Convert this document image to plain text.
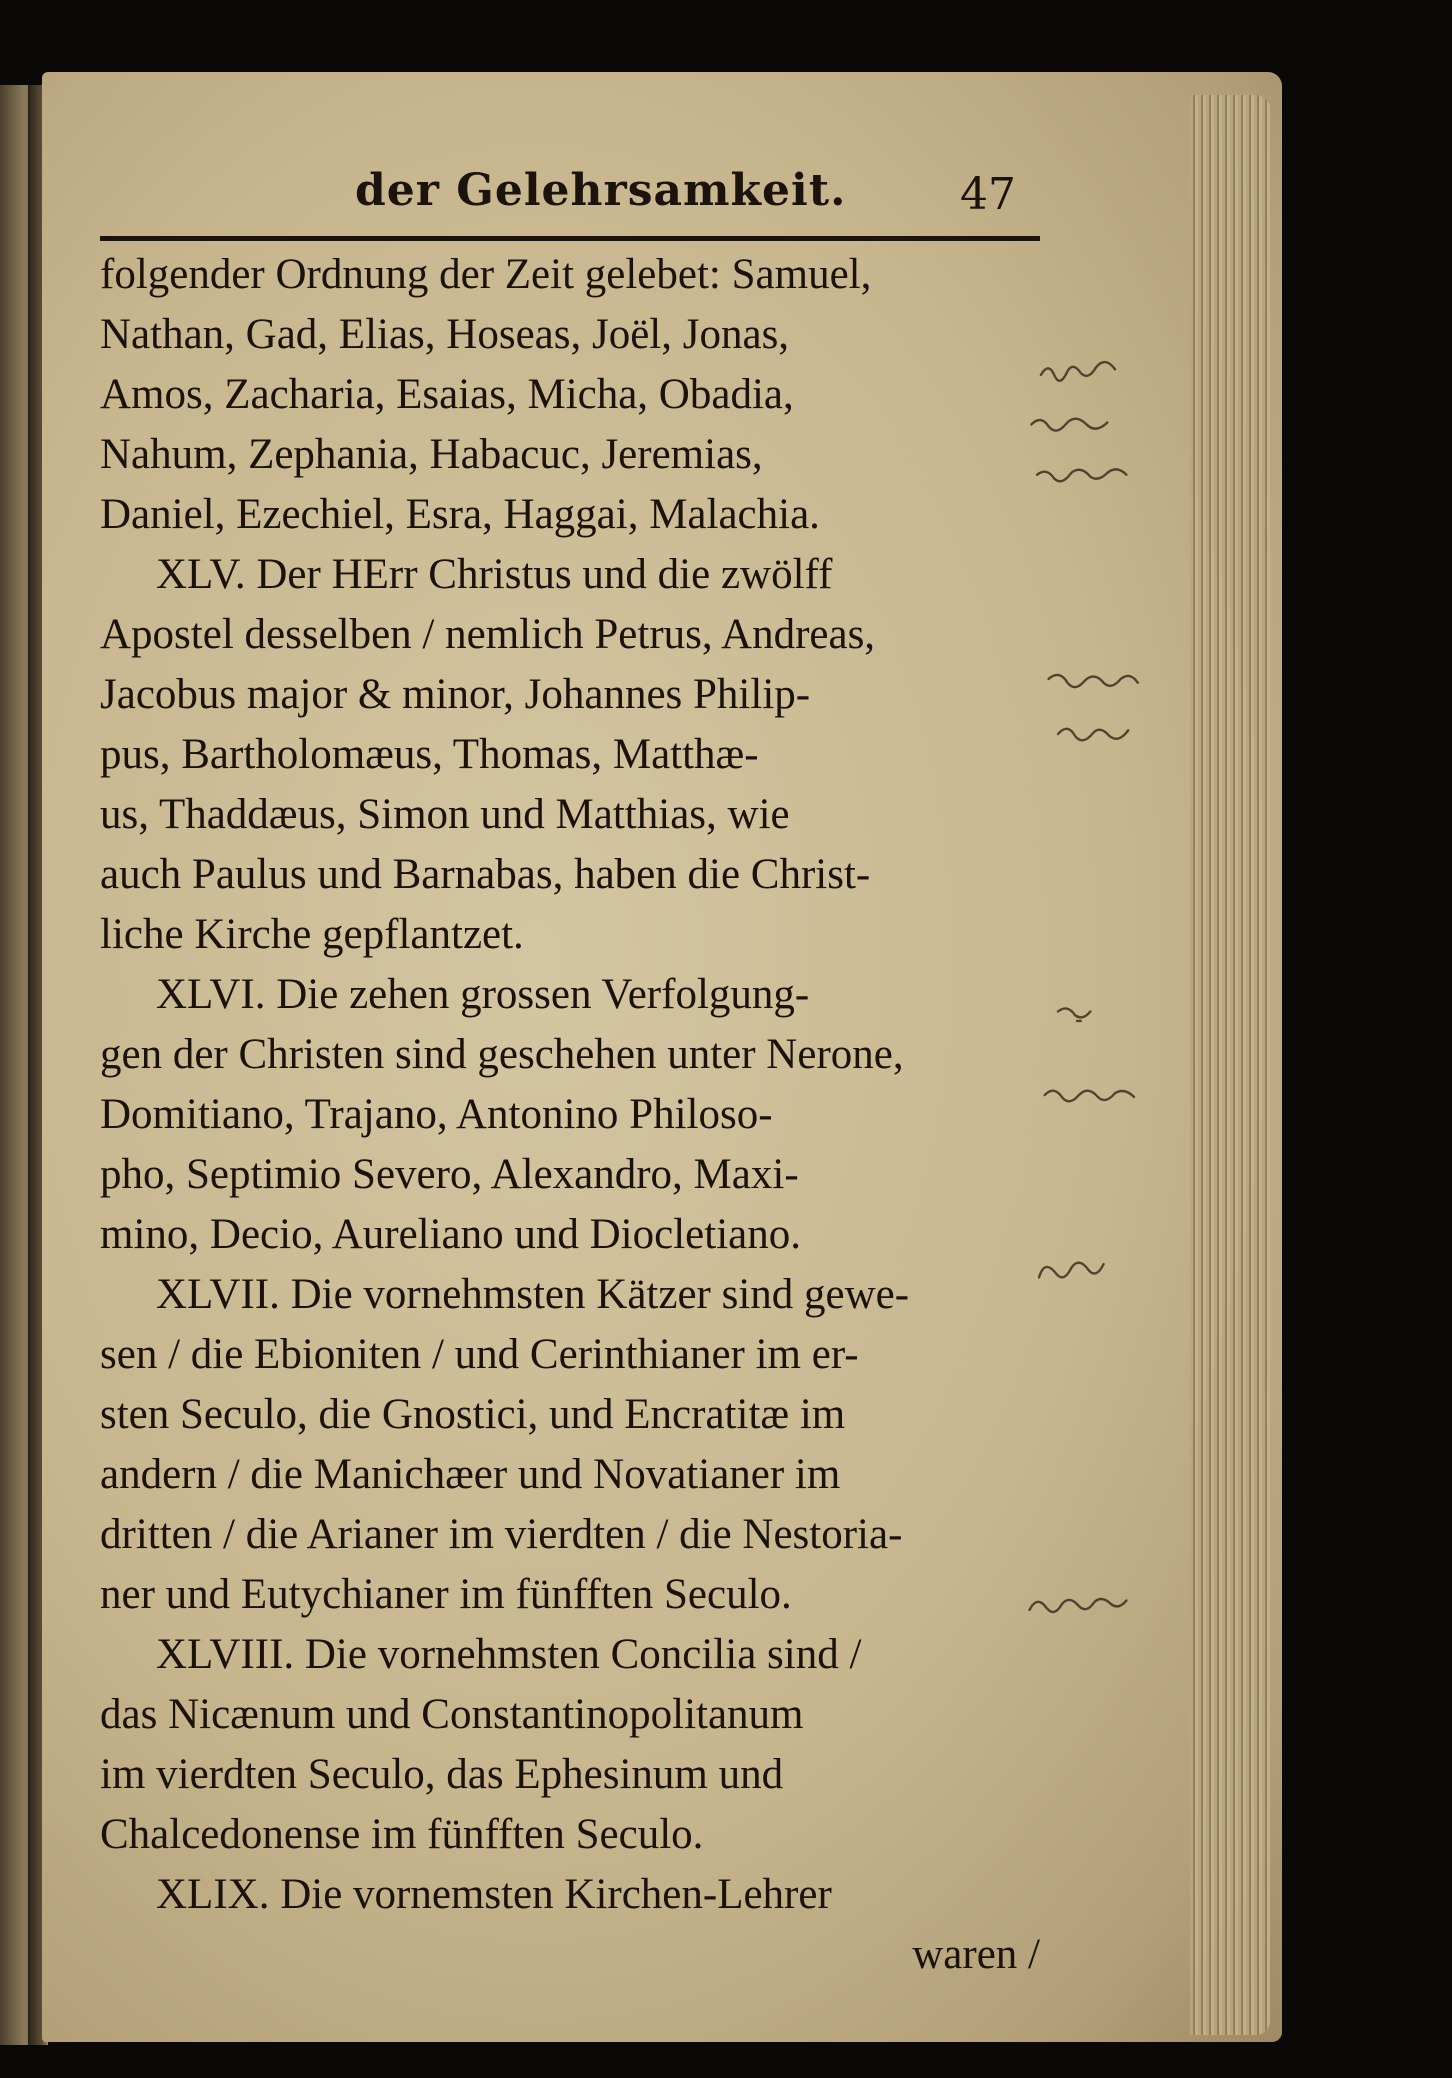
der Gelehrsamkeit.	47
folgender Ordnung der Zeit gelebet: Samuel,
Nathan, Gad, Elias, Hoseas, Joël, Jonas,
Amos, Zacharia, Esaias, Micha, Obadia,
Nahum, Zephania, Habacuc, Jeremias,
Daniel, Ezechiel, Esra, Haggai, Malachia.
XLV. Der HErr Christus und die zwölff
Apostel desselben / nemlich Petrus, Andreas,
Jacobus major & minor, Johannes Philip-
pus, Bartholomæus, Thomas, Matthæ-
us, Thaddæus, Simon und Matthias, wie
auch Paulus und Barnabas, haben die Christ-
liche Kirche gepflantzet.
XLVI. Die zehen grossen Verfolgung-
gen der Christen sind geschehen unter Nerone,
Domitiano, Trajano, Antonino Philoso-
pho, Septimio Severo, Alexandro, Maxi-
mino, Decio, Aureliano und Diocletiano.
XLVII. Die vornehmsten Kätzer sind gewe-
sen / die Ebioniten / und Cerinthianer im er-
sten Seculo, die Gnostici, und Encratitæ im
andern / die Manichæer und Novatianer im
dritten / die Arianer im vierdten / die Nestoria-
ner und Eutychianer im fünfften Seculo.
XLVIII. Die vornehmsten Concilia sind /
das Nicænum und Constantinopolitanum
im vierdten Seculo, das Ephesinum und
Chalcedonense im fünfften Seculo.
XLIX. Die vornemsten Kirchen-Lehrer
waren /
